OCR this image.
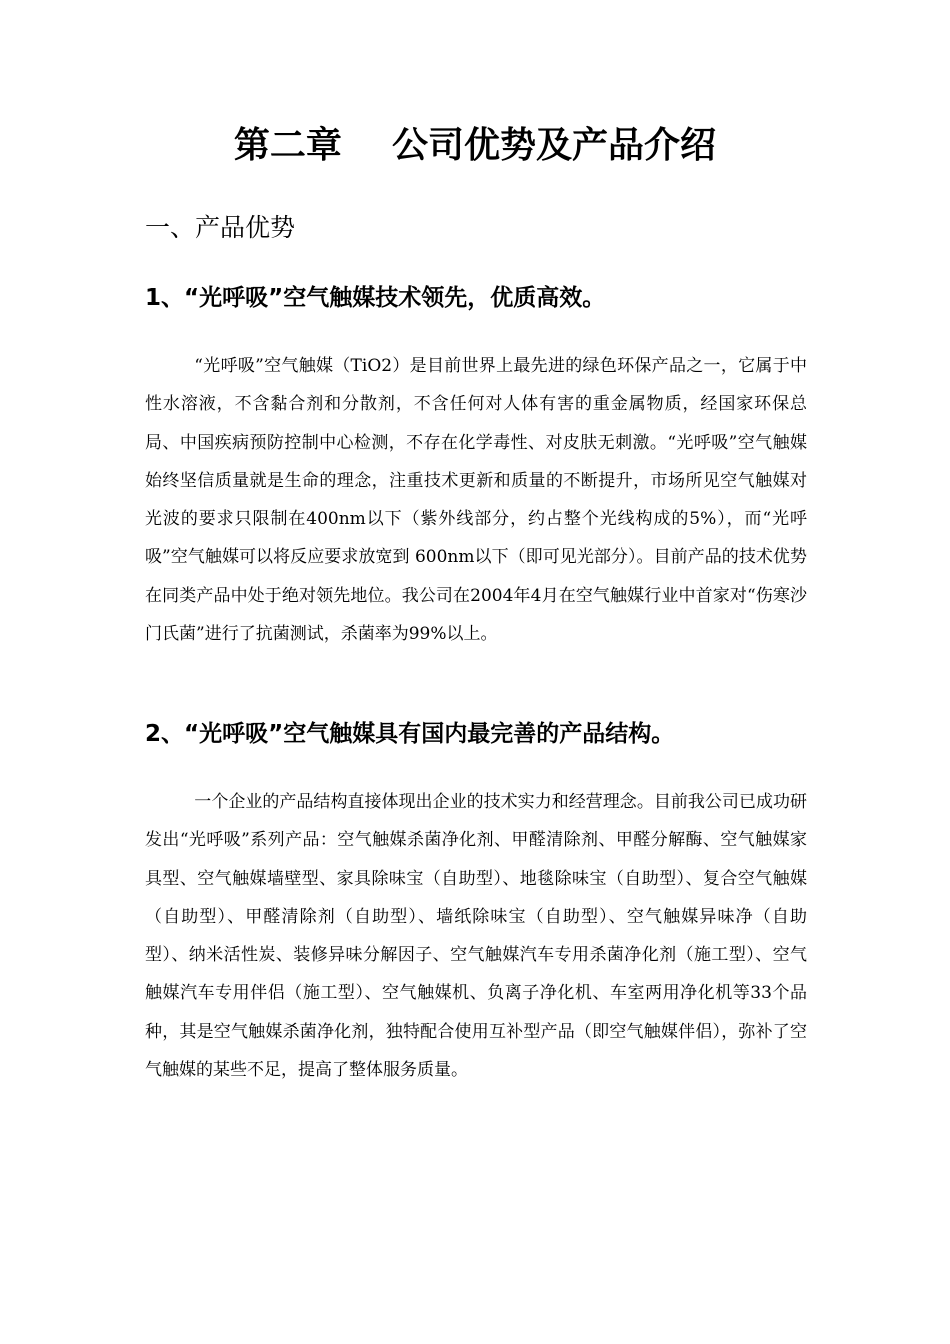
第二章    公司优势及产品介绍
一、产品优势
1、“光呼吸”空气触媒技术领先，优质高效。

“光呼吸”空气触媒（TiO2）是目前世界上最先进的绿色环保产品之一，它属于中性水溶液，不含黏合剂和分散剂，不含任何对人体有害的重金属物质，经国家环保总局、中国疾病预防控制中心检测，不存在化学毒性、对皮肤无刺激。“光呼吸”空气触媒始终坚信质量就是生命的理念，注重技术更新和质量的不断提升，市场所见空气触媒对光波的要求只限制在400nm以下（紫外线部分，约占整个光线构成的5%），而“光呼吸”空气触媒可以将反应要求放宽到 600nm以下（即可见光部分）。目前产品的技术优势在同类产品中处于绝对领先地位。我公司在2004年4月在空气触媒行业中首家对“伤寒沙门氏菌”进行了抗菌测试，杀菌率为99%以上。

2、“光呼吸”空气触媒具有国内最完善的产品结构。

一个企业的产品结构直接体现出企业的技术实力和经营理念。目前我公司已成功研发出“光呼吸”系列产品：空气触媒杀菌净化剂、甲醛清除剂、甲醛分解酶、空气触媒家具型、空气触媒墙壁型、家具除味宝（自助型）、地毯除味宝（自助型）、复合空气触媒（自助型）、甲醛清除剂（自助型）、墙纸除味宝（自助型）、空气触媒异味净（自助型）、纳米活性炭、装修异味分解因子、空气触媒汽车专用杀菌净化剂（施工型）、空气触媒汽车专用伴侣（施工型）、空气触媒机、负离子净化机、车室两用净化机等33个品种，其是空气触媒杀菌净化剂，独特配合使用互补型产品（即空气触媒伴侣），弥补了空气触媒的某些不足，提高了整体服务质量。
